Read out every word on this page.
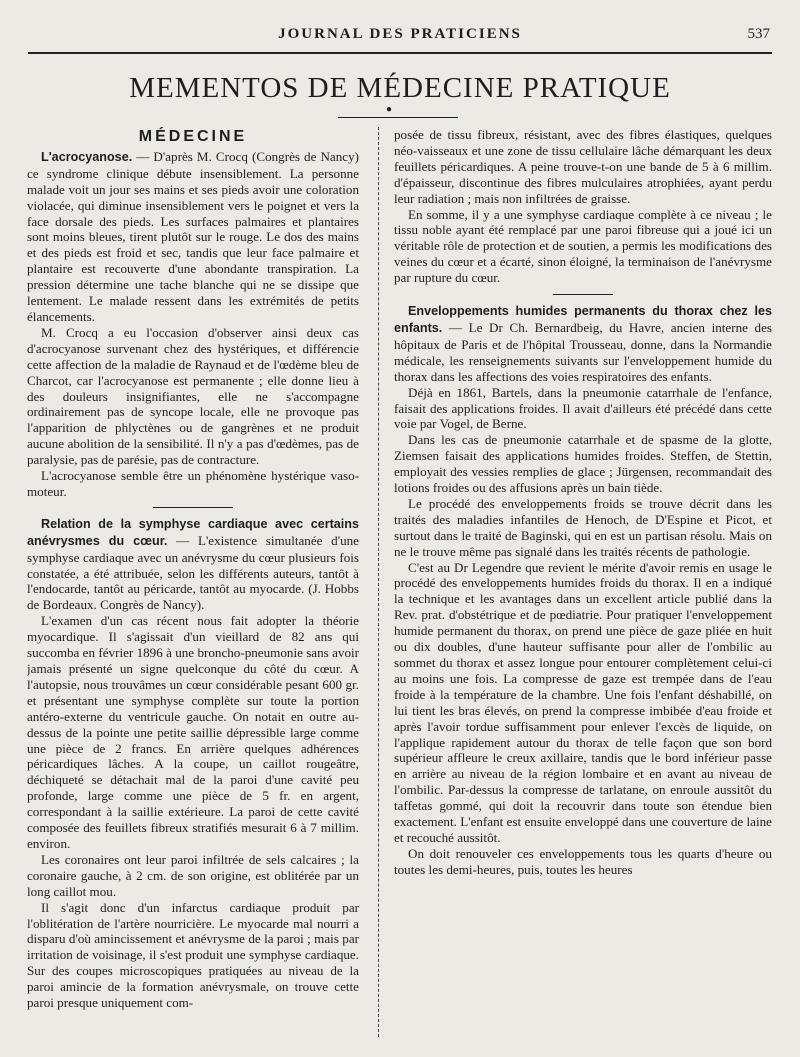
JOURNAL DES PRATICIENS	537
MEMENTOS DE MÉDECINE PRATIQUE
●
MÉDECINE

L'acrocyanose. — D'après M. Crocq (Congrès de Nancy) ce syndrome clinique débute insensiblement. La personne malade voit un jour ses mains et ses pieds avoir une coloration violacée, qui diminue insensiblement vers le poignet et vers la face dorsale des pieds. Les surfaces palmaires et plantaires sont moins bleues, tirent plutôt sur le rouge. Le dos des mains et des pieds est froid et sec, tandis que leur face palmaire et plantaire est recouverte d'une abondante transpiration. La pression détermine une tache blanche qui ne se dissipe que lentement. Le malade ressent dans les extrémités de petits élancements.

M. Crocq a eu l'occasion d'observer ainsi deux cas d'acrocyanose survenant chez des hystériques, et différencie cette affection de la maladie de Raynaud et de l'œdème bleu de Charcot, car l'acrocyanose est permanente ; elle donne lieu à des douleurs insignifiantes, elle ne s'accompagne ordinairement pas de syncope locale, elle ne provoque pas l'apparition de phlyctènes ou de gangrènes et ne produit aucune abolition de la sensibilité. Il n'y a pas d'œdèmes, pas de paralysie, pas de parésie, pas de contracture.

L'acrocyanose semble être un phénomène hystérique vaso-moteur.

Relation de la symphyse cardiaque avec certains anévrysmes du cœur. — L'existence simultanée d'une symphyse cardiaque avec un anévrysme du cœur plusieurs fois constatée, a été attribuée, selon les différents auteurs, tantôt à l'endocarde, tantôt au péricarde, tantôt au myocarde. (J. Hobbs de Bordeaux. Congrès de Nancy).

L'examen d'un cas récent nous fait adopter la théorie myocardique. Il s'agissait d'un vieillard de 82 ans qui succomba en février 1896 à une broncho-pneumonie sans avoir jamais présenté un signe quelconque du côté du cœur. A l'autopsie, nous trouvâmes un cœur considérable pesant 600 gr. et présentant une symphyse complète sur toute la portion antéro-externe du ventricule gauche. On notait en outre au-dessus de la pointe une petite saillie dépressible large comme une pièce de 2 francs. En arrière quelques adhérences péricardiques lâches. A la coupe, un caillot rougeâtre, déchiqueté se détachait mal de la paroi d'une cavité peu profonde, large comme une pièce de 5 fr. en argent, correspondant à la saillie extérieure. La paroi de cette cavité composée des feuillets fibreux stratifiés mesurait 6 à 7 millim. environ.

Les coronaires ont leur paroi infiltrée de sels calcaires ; la coronaire gauche, à 2 cm. de son origine, est oblitérée par un long caillot mou.

Il s'agit donc d'un infarctus cardiaque produit par l'oblitération de l'artère nourricière. Le myocarde mal nourri a disparu d'où amincissement et anévrysme de la paroi ; mais par irritation de voisinage, il s'est produit une symphyse cardiaque. Sur des coupes microscopiques pratiquées au niveau de la paroi amincie de la formation anévrysmale, on trouve cette paroi presque uniquement com-

posée de tissu fibreux, résistant, avec des fibres élastiques, quelques néo-vaisseaux et une zone de tissu cellulaire lâche démarquant les deux feuillets péricardiques. A peine trouve-t-on une bande de 5 à 6 millim. d'épaisseur, discontinue des fibres mulculaires atrophiées, ayant perdu leur radiation ; mais non infiltrées de graisse.

En somme, il y a une symphyse cardiaque complète à ce niveau ; le tissu noble ayant été remplacé par une paroi fibreuse qui a joué ici un véritable rôle de protection et de soutien, a permis les modifications des veines du cœur et a écarté, sinon éloigné, la terminaison de l'anévrysme par rupture du cœur.

Enveloppements humides permanents du thorax chez les enfants. — Le Dr Ch. Bernardbeig, du Havre, ancien interne des hôpitaux de Paris et de l'hôpital Trousseau, donne, dans la Normandie médicale, les renseignements suivants sur l'enveloppement humide du thorax dans les affections des voies respiratoires des enfants.

Déjà en 1861, Bartels, dans la pneumonie catarrhale de l'enfance, faisait des applications froides. Il avait d'ailleurs été précédé dans cette voie par Vogel, de Berne.

Dans les cas de pneumonie catarrhale et de spasme de la glotte, Ziemsen faisait des applications humides froides. Steffen, de Stettin, employait des vessies remplies de glace ; Jürgensen, recommandait des lotions froides ou des affusions après un bain tiède.

Le procédé des enveloppements froids se trouve décrit dans les traités des maladies infantiles de Henoch, de D'Espine et Picot, et surtout dans le traité de Baginski, qui en est un partisan résolu. Mais on ne le trouve même pas signalé dans les traités récents de pathologie.

C'est au Dr Legendre que revient le mérite d'avoir remis en usage le procédé des enveloppements humides froids du thorax. Il en a indiqué la technique et les avantages dans un excellent article publié dans la Rev. prat. d'obstétrique et de pœdiatrie. Pour pratiquer l'enveloppement humide permanent du thorax, on prend une pièce de gaze pliée en huit ou dix doubles, d'une hauteur suffisante pour aller de l'ombilic au sommet du thorax et assez longue pour entourer complètement celui-ci au moins une fois. La compresse de gaze est trempée dans de l'eau froide à la température de la chambre. Une fois l'enfant déshabillé, on lui tient les bras élevés, on prend la compresse imbibée d'eau froide et après l'avoir tordue suffisamment pour enlever l'excès de liquide, on l'applique rapidement autour du thorax de telle façon que son bord supérieur affleure le creux axillaire, tandis que le bord inférieur passe en arrière au niveau de la région lombaire et en avant au niveau de l'ombilic. Par-dessus la compresse de tarlatane, on enroule aussitôt du taffetas gommé, qui doit la recouvrir dans toute son étendue bien exactement. L'enfant est ensuite enveloppé dans une couverture de laine et recouché aussitôt.

On doit renouveler ces enveloppements tous les quarts d'heure ou toutes les demi-heures, puis, toutes les heures
